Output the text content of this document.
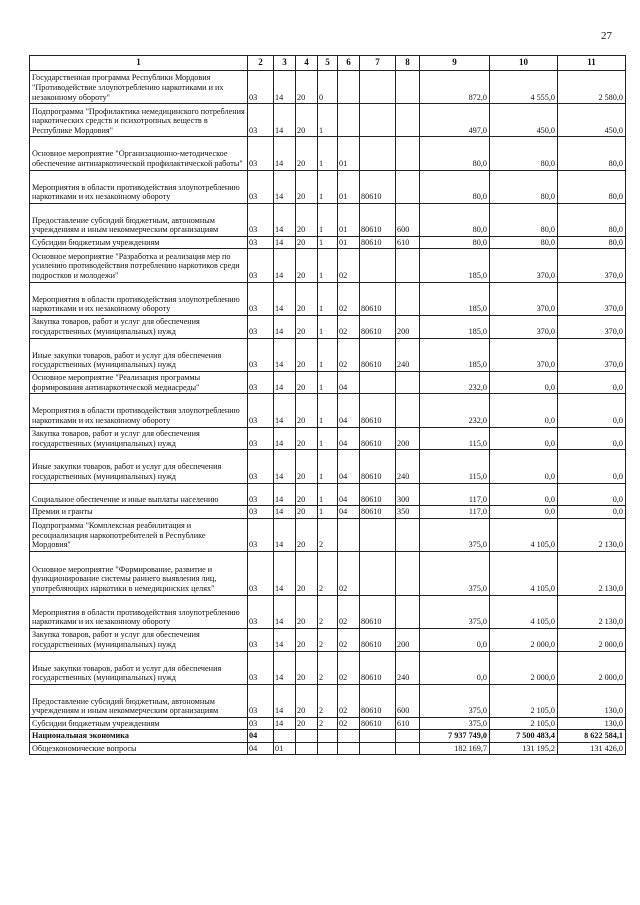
27
1	2	3	4	5	6	7	8	9	10	11
Государственная программа Республики Мордовия "Противодействие злоупотреблению наркотиками и их незаконному обороту"	03	14	20	0				872,0	4 555,0	2 580,0
Подпрограмма "Профилактика немедицинского потребления наркотических средств и психотропных веществ в Республике Мордовия"	03	14	20	1				497,0	450,0	450,0
Основное мероприятие "Организационно-методическое обеспечение антинаркотической профилактической работы"	03	14	20	1	01			80,0	80,0	80,0
Мероприятия в области противодействия злоупотреблению наркотиками и их незаконному обороту	03	14	20	1	01	80610		80,0	80,0	80,0
Предоставление субсидий бюджетным, автономным учреждениям и иным некоммерческим организациям	03	14	20	1	01	80610	600	80,0	80,0	80,0
Субсидии бюджетным учреждениям	03	14	20	1	01	80610	610	80,0	80,0	80,0
Основное мероприятие "Разработка и реализация мер по усилению противодействия потреблению наркотиков среди подростков и молодежи"	03	14	20	1	02			185,0	370,0	370,0
Мероприятия в области противодействия злоупотреблению наркотиками и их незаконному обороту	03	14	20	1	02	80610		185,0	370,0	370,0
Закупка товаров, работ и услуг для обеспечения государственных (муниципальных) нужд	03	14	20	1	02	80610	200	185,0	370,0	370,0
Иные закупки товаров, работ и услуг для обеспечения государственных (муниципальных) нужд	03	14	20	1	02	80610	240	185,0	370,0	370,0
Основное мероприятие "Реализация программы формирования антинаркотической медиасреды"	03	14	20	1	04			232,0	0,0	0,0
Мероприятия в области противодействия злоупотреблению наркотиками и их незаконному обороту	03	14	20	1	04	80610		232,0	0,0	0,0
Закупка товаров, работ и услуг для обеспечения государственных (муниципальных) нужд	03	14	20	1	04	80610	200	115,0	0,0	0,0
Иные закупки товаров, работ и услуг для обеспечения государственных (муниципальных) нужд	03	14	20	1	04	80610	240	115,0	0,0	0,0
Социальное обеспечение и иные выплаты населению	03	14	20	1	04	80610	300	117,0	0,0	0,0
Премии и гранты	03	14	20	1	04	80610	350	117,0	0,0	0,0
Подпрограмма "Комплексная реабилитация и ресоциализация наркопотребителей в Республике Мордовия"	03	14	20	2				375,0	4 105,0	2 130,0
Основное мероприятие "Формирование, развитие и функционирование системы раннего выявления лиц, употребляющих наркотики в немедицинских целях"	03	14	20	2	02			375,0	4 105,0	2 130,0
Мероприятия в области противодействия злоупотреблению наркотиками и их незаконному обороту	03	14	20	2	02	80610		375,0	4 105,0	2 130,0
Закупка товаров, работ и услуг для обеспечения государственных (муниципальных) нужд	03	14	20	2	02	80610	200	0,0	2 000,0	2 000,0
Иные закупки товаров, работ и услуг для обеспечения государственных (муниципальных) нужд	03	14	20	2	02	80610	240	0,0	2 000,0	2 000,0
Предоставление субсидий бюджетным, автономным учреждениям и иным некоммерческим организациям	03	14	20	2	02	80610	600	375,0	2 105,0	130,0
Субсидии бюджетным учреждениям	03	14	20	2	02	80610	610	375,0	2 105,0	130,0
Национальная экономика	04							7 937 749,0	7 500 483,4	8 622 584,1
Общеэкономические вопросы	04	01						182 169,7	131 195,2	131 426,0
